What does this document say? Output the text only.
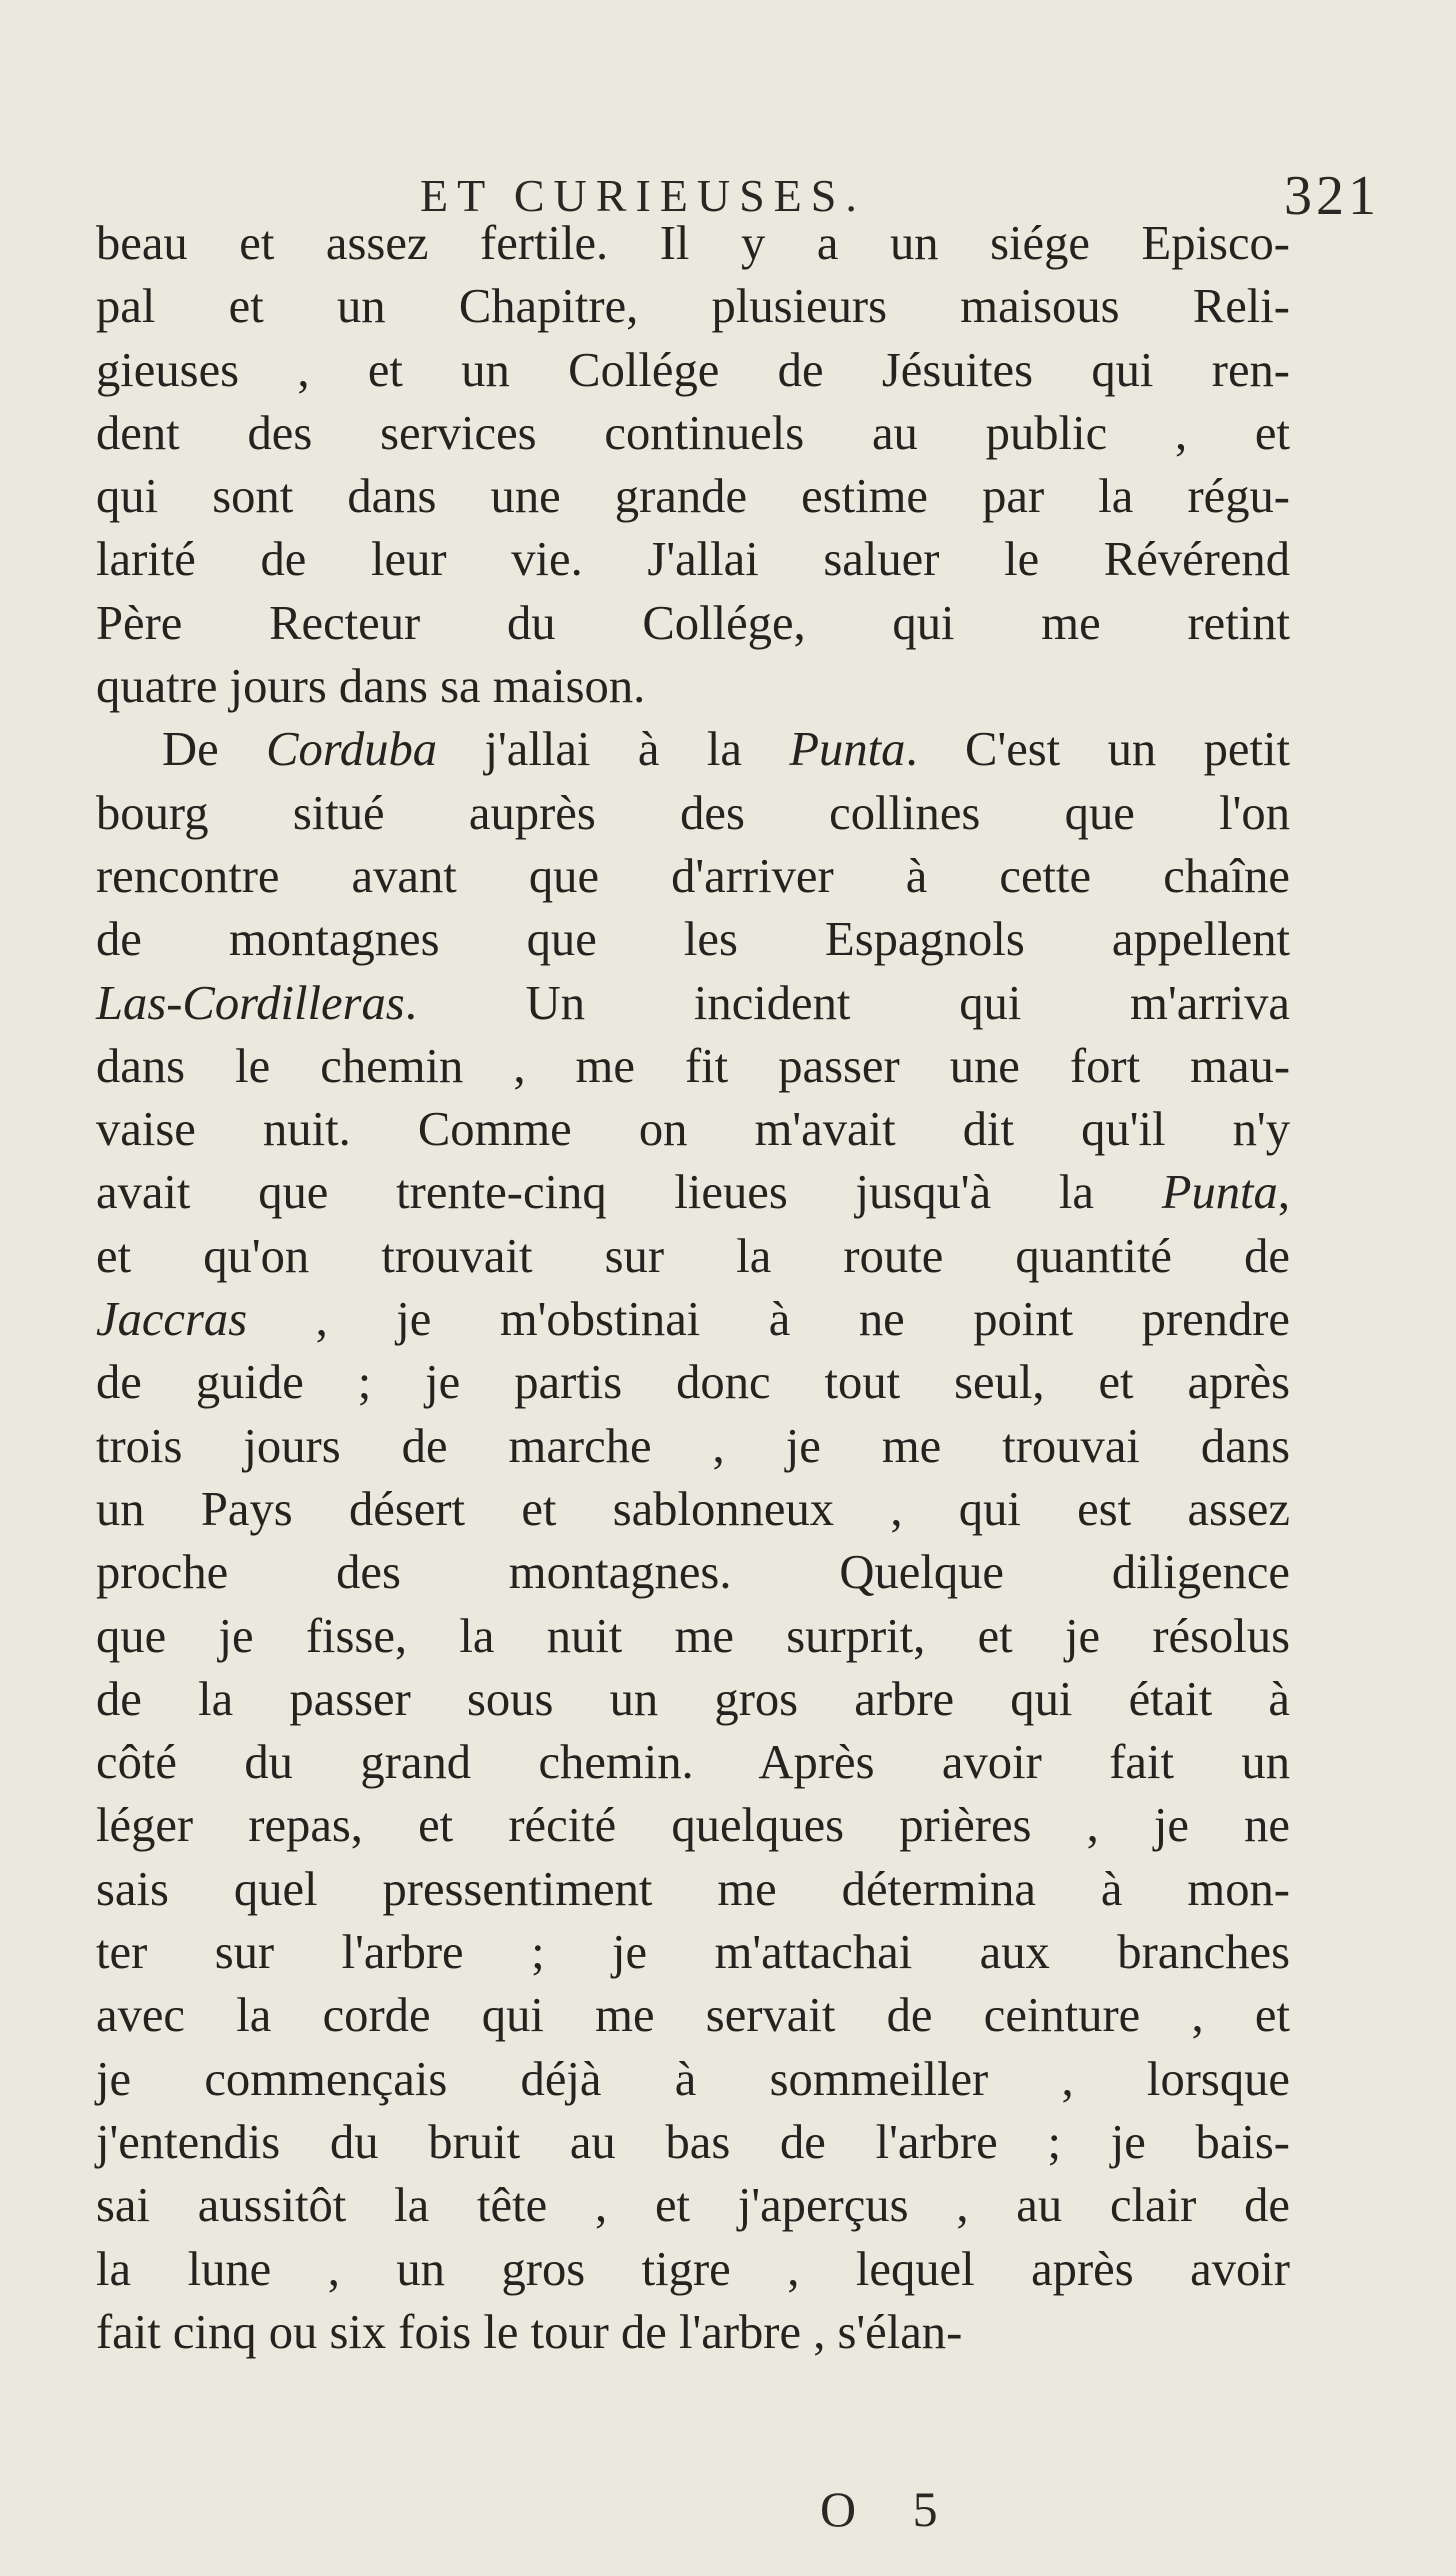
ET CURIEUSES.	321
beau et assez fertile. Il y a un siége Episco-
pal et un Chapitre, plusieurs maisous Reli-
gieuses , et un Collége de Jésuites qui ren-
dent des services continuels au public , et
qui sont dans une grande estime par la régu-
larité de leur vie. J'allai saluer le Révérend
Père Recteur du Collége, qui me retint
quatre jours dans sa maison.
De Corduba j'allai à la Punta. C'est un petit
bourg situé auprès des collines que l'on
rencontre avant que d'arriver à cette chaîne
de montagnes que les Espagnols appellent
Las-Cordilleras. Un incident qui m'arriva
dans le chemin , me fit passer une fort mau-
vaise nuit. Comme on m'avait dit qu'il n'y
avait que trente-cinq lieues jusqu'à la Punta,
et qu'on trouvait sur la route quantité de
Jaccras , je m'obstinai à ne point prendre
de guide ; je partis donc tout seul, et après
trois jours de marche , je me trouvai dans
un Pays désert et sablonneux , qui est assez
proche des montagnes. Quelque diligence
que je fisse, la nuit me surprit, et je résolus
de la passer sous un gros arbre qui était à
côté du grand chemin. Après avoir fait un
léger repas, et récité quelques prières , je ne
sais quel pressentiment me détermina à mon-
ter sur l'arbre ; je m'attachai aux branches
avec la corde qui me servait de ceinture , et
je commençais déjà à sommeiller , lorsque
j'entendis du bruit au bas de l'arbre ; je bais-
sai aussitôt la tête , et j'aperçus , au clair de
la lune , un gros tigre , lequel après avoir
fait cinq ou six fois le tour de l'arbre , s'élan-
O 5
